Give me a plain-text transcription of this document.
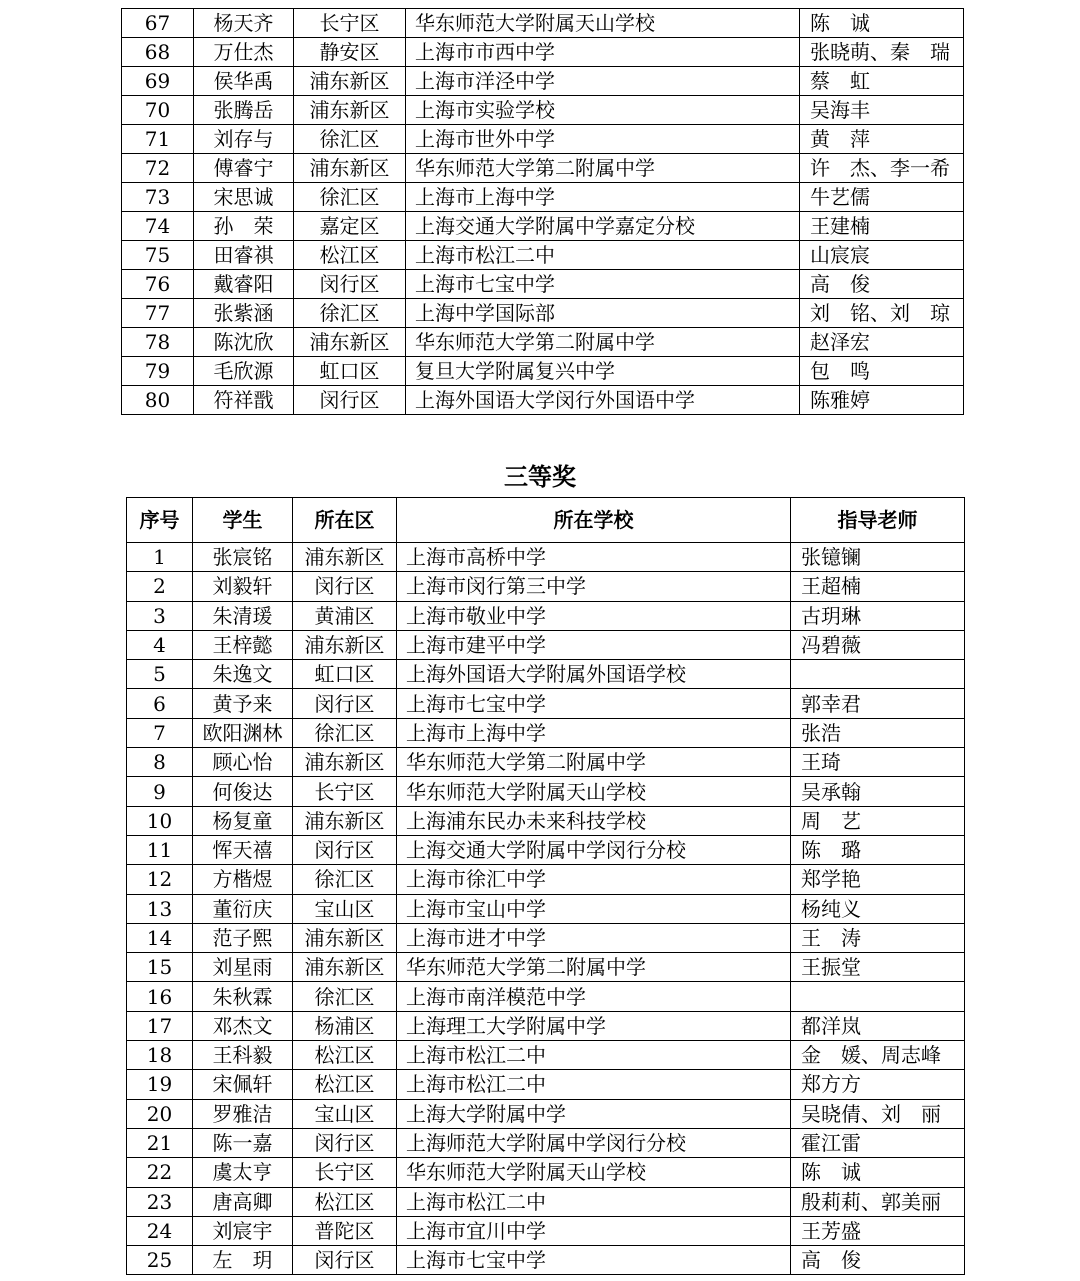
67	杨天齐	长宁区	华东师范大学附属天山学校	陈　诚
68	万仕杰	静安区	上海市市西中学	张晓萌、秦　瑞
69	侯华禹	浦东新区	上海市洋泾中学	蔡　虹
70	张腾岳	浦东新区	上海市实验学校	吴海丰
71	刘存与	徐汇区	上海市世外中学	黄　萍
72	傅睿宁	浦东新区	华东师范大学第二附属中学	许　杰、李一希
73	宋思诚	徐汇区	上海市上海中学	牛艺儒
74	孙　荣	嘉定区	上海交通大学附属中学嘉定分校	王建楠
75	田睿祺	松江区	上海市松江二中	山宸宸
76	戴睿阳	闵行区	上海市七宝中学	高　俊
77	张紫涵	徐汇区	上海中学国际部	刘　铭、刘　琼
78	陈沈欣	浦东新区	华东师范大学第二附属中学	赵泽宏
79	毛欣源	虹口区	复旦大学附属复兴中学	包　鸣
80	符祥戬	闵行区	上海外国语大学闵行外国语中学	陈雅婷
三等奖
序号	学生	所在区	所在学校	指导老师
1	张宸铭	浦东新区	上海市高桥中学	张镱镧
2	刘毅轩	闵行区	上海市闵行第三中学	王超楠
3	朱清瑗	黄浦区	上海市敬业中学	古玥琳
4	王梓懿	浦东新区	上海市建平中学	冯碧薇
5	朱逸文	虹口区	上海外国语大学附属外国语学校	
6	黄予来	闵行区	上海市七宝中学	郭幸君
7	欧阳渊林	徐汇区	上海市上海中学	张浩
8	顾心怡	浦东新区	华东师范大学第二附属中学	王琦
9	何俊达	长宁区	华东师范大学附属天山学校	吴承翰
10	杨复童	浦东新区	上海浦东民办未来科技学校	周　艺
11	恽天禧	闵行区	上海交通大学附属中学闵行分校	陈　璐
12	方楷煜	徐汇区	上海市徐汇中学	郑学艳
13	董衍庆	宝山区	上海市宝山中学	杨纯义
14	范子熙	浦东新区	上海市进才中学	王　涛
15	刘星雨	浦东新区	华东师范大学第二附属中学	王振堂
16	朱秋霖	徐汇区	上海市南洋模范中学	
17	邓杰文	杨浦区	上海理工大学附属中学	都洋岚
18	王科毅	松江区	上海市松江二中	金　媛、周志峰
19	宋佩轩	松江区	上海市松江二中	郑方方
20	罗雅洁	宝山区	上海大学附属中学	吴晓倩、刘　丽
21	陈一嘉	闵行区	上海师范大学附属中学闵行分校	霍江雷
22	虞太亨	长宁区	华东师范大学附属天山学校	陈　诚
23	唐高卿	松江区	上海市松江二中	殷莉莉、郭美丽
24	刘宸宇	普陀区	上海市宜川中学	王芳盛
25	左　玥	闵行区	上海市七宝中学	高　俊
